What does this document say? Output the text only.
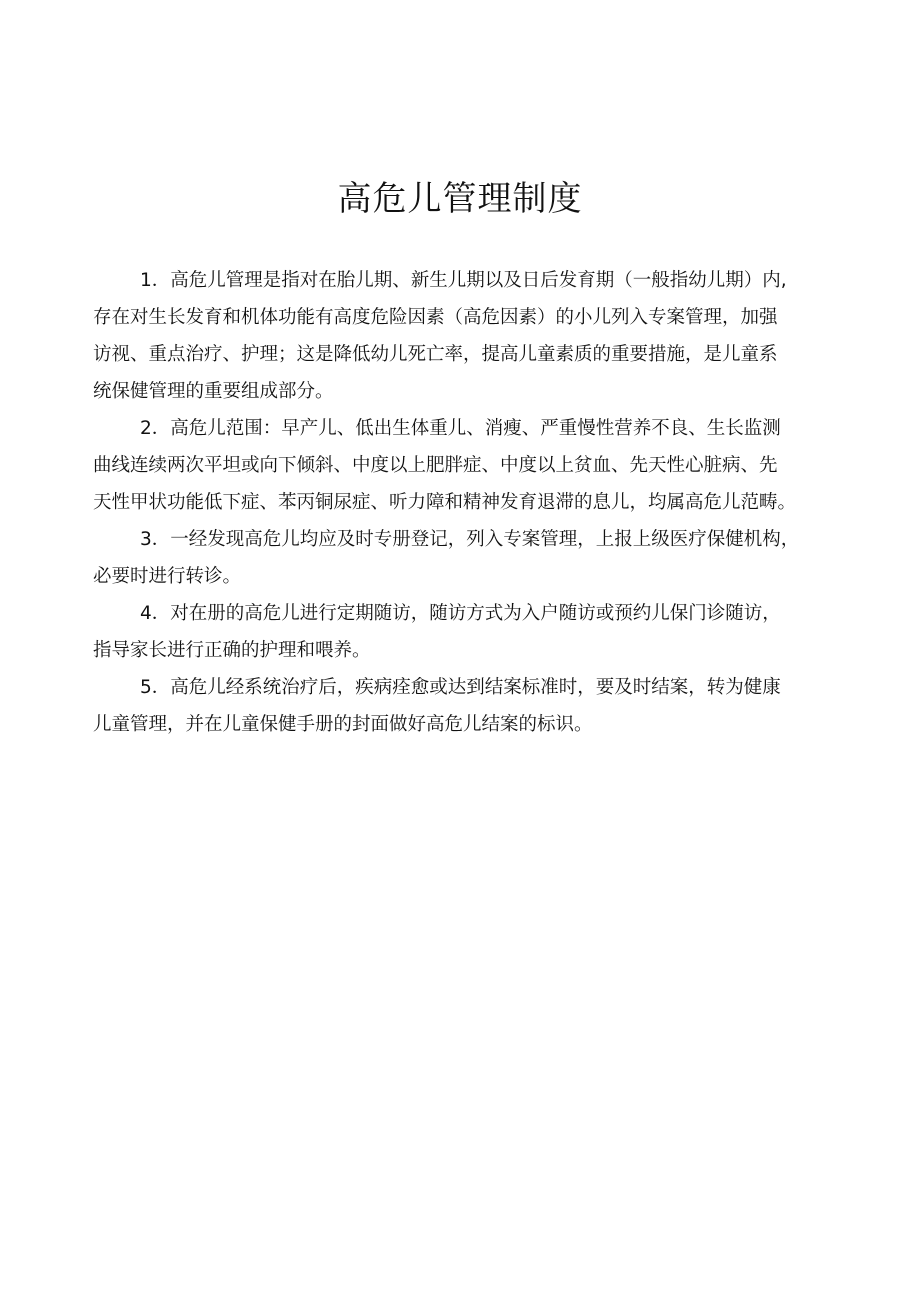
高危儿管理制度

1．高危儿管理是指对在胎儿期、新生儿期以及日后发育期（一般指幼儿期）内,
存在对生长发育和机体功能有高度危险因素（高危因素）的小儿列入专案管理，加强
访视、重点治疗、护理；这是降低幼儿死亡率，提高儿童素质的重要措施，是儿童系
统保健管理的重要组成部分。

2．高危儿范围：早产儿、低出生体重儿、消瘦、严重慢性营养不良、生长监测
曲线连续两次平坦或向下倾斜、中度以上肥胖症、中度以上贫血、先天性心脏病、先
天性甲状功能低下症、苯丙铜尿症、听力障和精神发育退滞的息儿，均属高危儿范畴。

3．一经发现高危儿均应及时专册登记，列入专案管理，上报上级医疗保健机构，
必要时进行转诊。

4．对在册的高危儿进行定期随访，随访方式为入户随访或预约儿保门诊随访，
指导家长进行正确的护理和喂养。

5．高危儿经系统治疗后，疾病痊愈或达到结案标准时，要及时结案，转为健康
儿童管理，并在儿童保健手册的封面做好高危儿结案的标识。
